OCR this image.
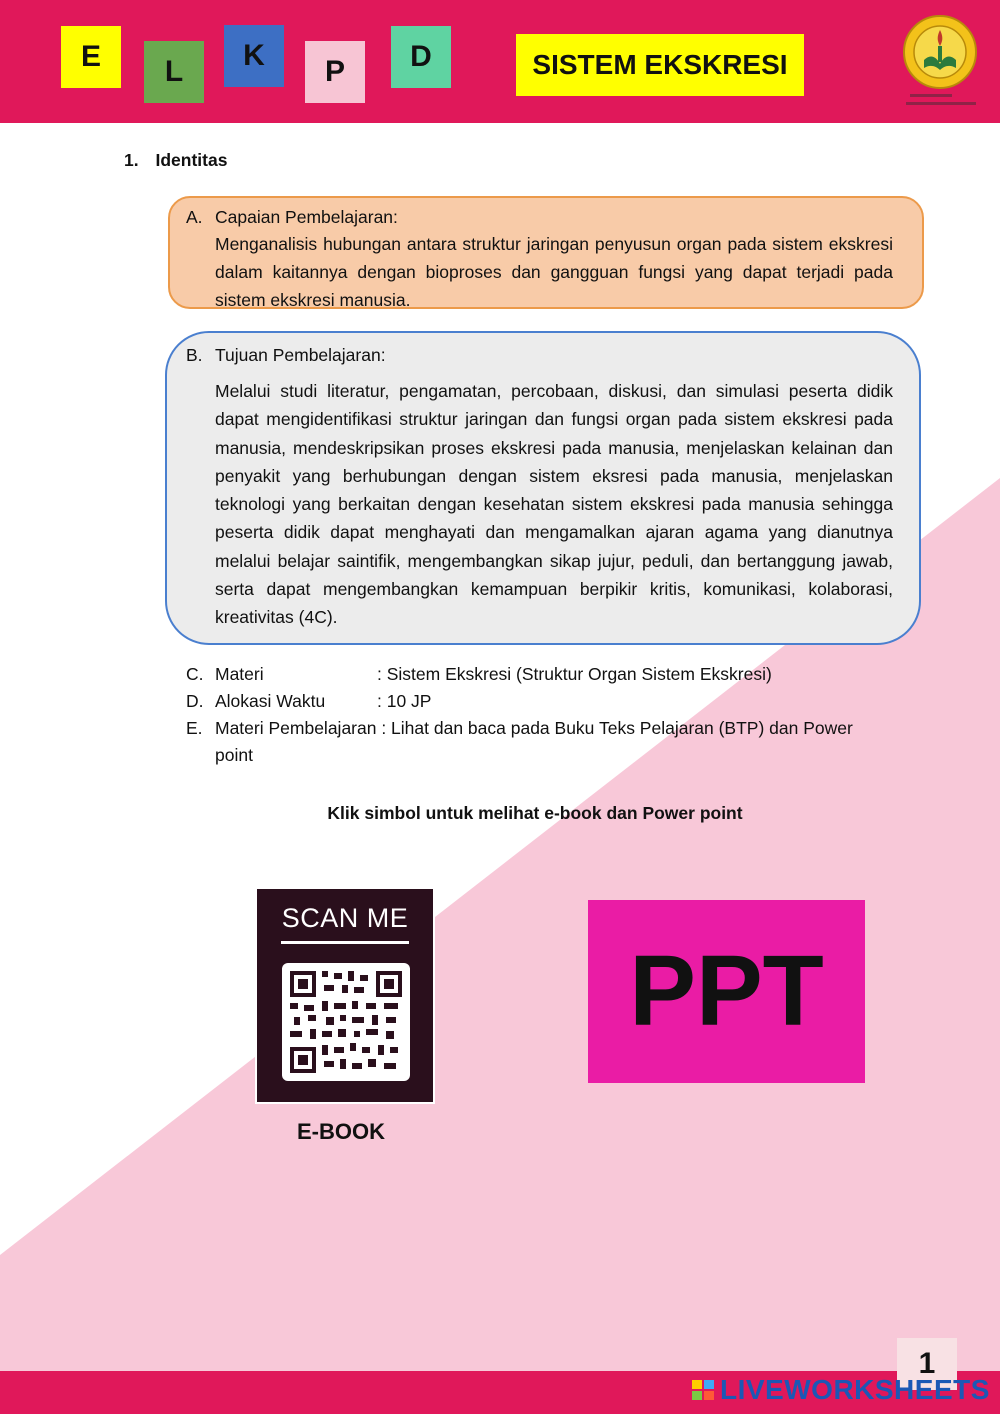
E	L	K	P	D	SISTEM EKSKRESI
1. Identitas
A. Capaian Pembelajaran:
Menganalisis hubungan antara struktur jaringan penyusun organ pada sistem ekskresi dalam kaitannya dengan bioproses dan gangguan fungsi yang dapat terjadi pada sistem ekskresi manusia.
B. Tujuan Pembelajaran:
Melalui studi literatur, pengamatan, percobaan, diskusi, dan simulasi peserta didik dapat mengidentifikasi struktur jaringan dan fungsi organ pada sistem ekskresi pada manusia, mendeskripsikan proses ekskresi pada manusia, menjelaskan kelainan dan penyakit yang berhubungan dengan sistem eksresi pada manusia, menjelaskan teknologi yang berkaitan dengan kesehatan sistem ekskresi pada manusia sehingga peserta didik dapat menghayati dan mengamalkan ajaran agama yang dianutnya melalui belajar saintifik, mengembangkan sikap jujur, peduli, dan bertanggung jawab, serta dapat mengembangkan kemampuan berpikir kritis, komunikasi, kolaborasi, kreativitas (4C).
C. Materi	: Sistem Ekskresi (Struktur Organ Sistem Ekskresi)
D. Alokasi Waktu	: 10 JP
E. Materi Pembelajaran : Lihat dan baca pada Buku Teks Pelajaran (BTP) dan Power
point
Klik simbol untuk melihat e-book dan Power point
SCAN ME
E-BOOK
PPT
1
LIVEWORKSHEETS
